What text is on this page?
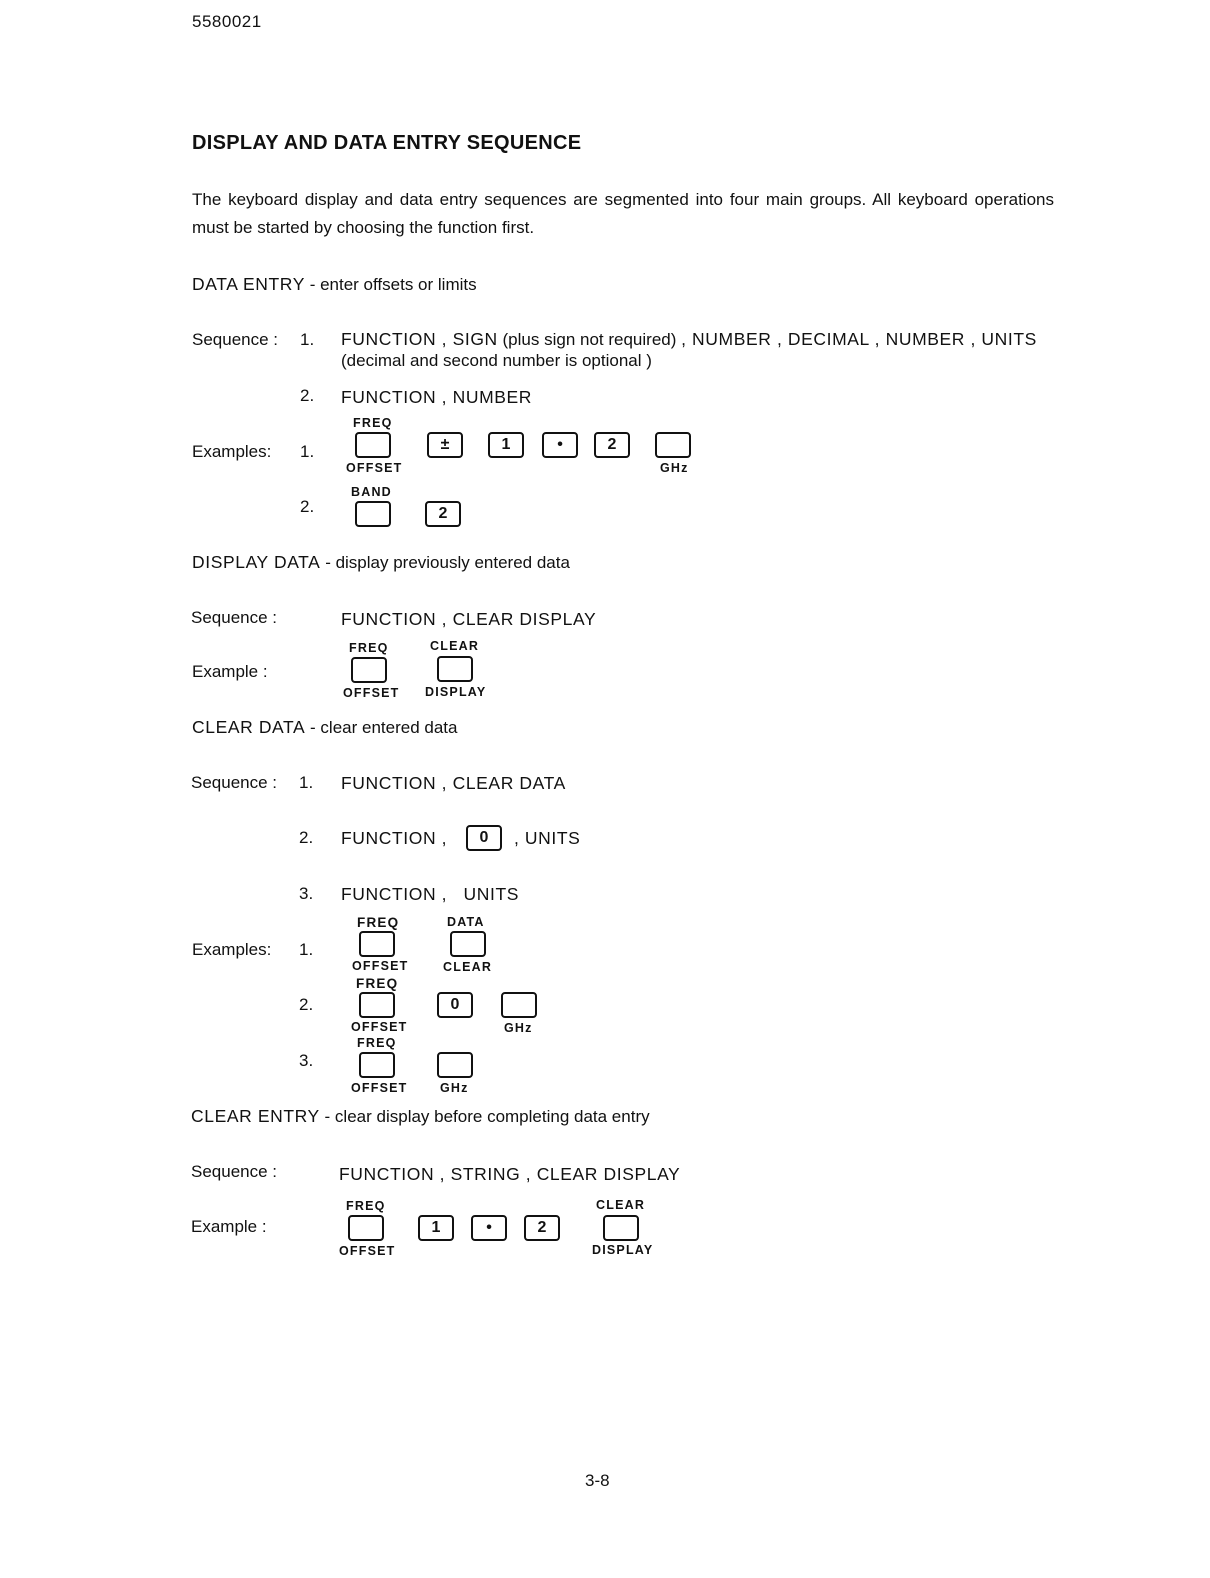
5580021
DISPLAY AND DATA ENTRY SEQUENCE
The keyboard display and data entry sequences are segmented into four main groups. All keyboard operations must be started by choosing the function first.
DATA ENTRY - enter offsets or limits
Sequence : 1. FUNCTION , SIGN (plus sign not required) , NUMBER , DECIMAL , NUMBER , UNITS
(decimal and second number is optional )
2. FUNCTION , NUMBER
Examples: 1.
FREQ
OFFSET
±	1	•	2
GHz
2.
BAND
2
DISPLAY DATA - display previously entered data
Sequence :	FUNCTION , CLEAR DISPLAY
Example :
FREQ
OFFSET
CLEAR
DISPLAY
CLEAR DATA - clear entered data
Sequence : 1. FUNCTION , CLEAR DATA
2. FUNCTION ,	0	, UNITS
3. FUNCTION ,   UNITS
Examples: 1.
FREQ
OFFSET
DATA
CLEAR
2.
FREQ
OFFSET
0
GHz
3.
FREQ
OFFSET	GHz
CLEAR ENTRY - clear display before completing data entry
Sequence :	FUNCTION , STRING , CLEAR DISPLAY
Example :
FREQ
OFFSET
1	•	2
CLEAR
DISPLAY
3-8
